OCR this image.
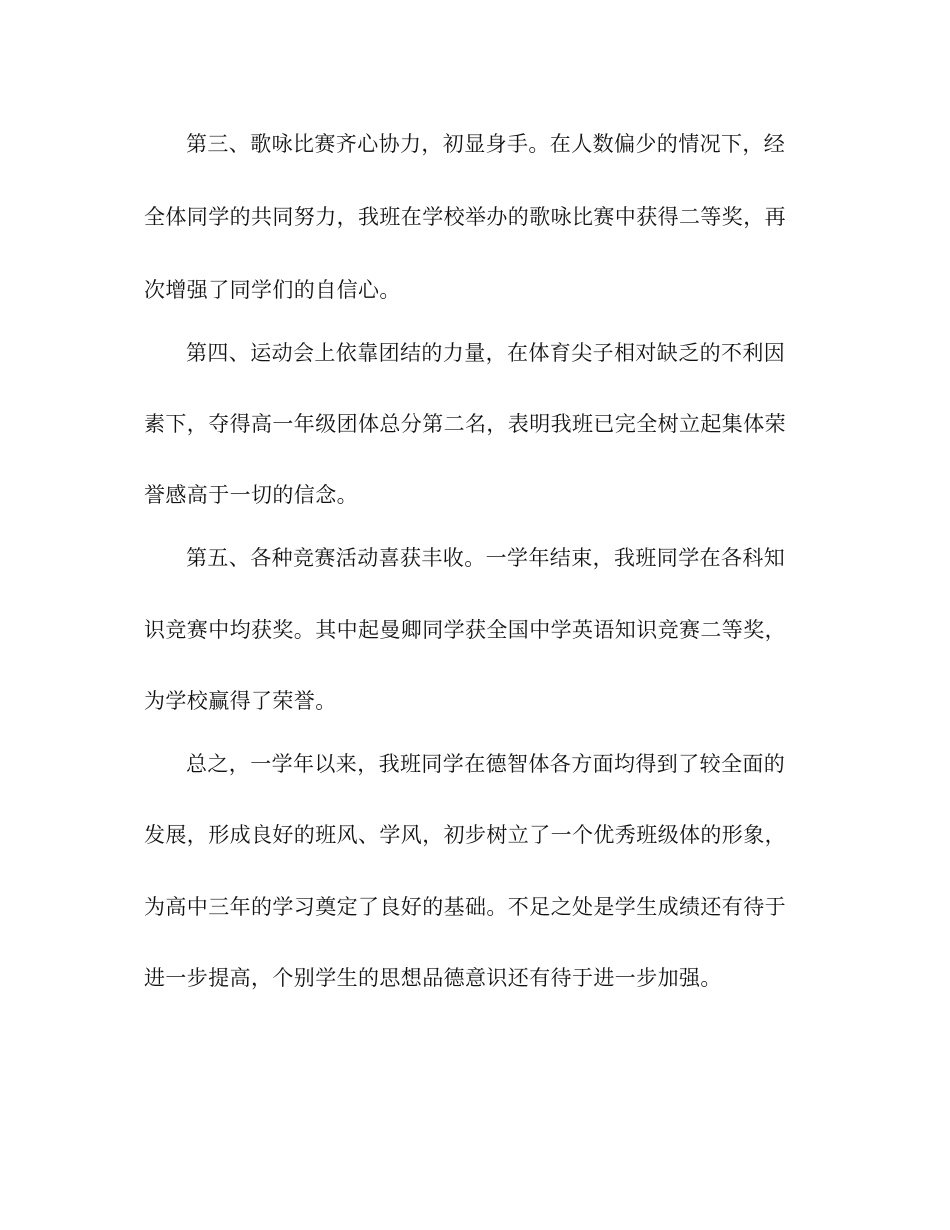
第三、歌咏比赛齐心协力，初显身手。在人数偏少的情况下，经
全体同学的共同努力，我班在学校举办的歌咏比赛中获得二等奖，再
次增强了同学们的自信心。
第四、运动会上依靠团结的力量，在体育尖子相对缺乏的不利因
素下，夺得高一年级团体总分第二名，表明我班已完全树立起集体荣
誉感高于一切的信念。
第五、各种竞赛活动喜获丰收。一学年结束，我班同学在各科知
识竞赛中均获奖。其中起曼卿同学获全国中学英语知识竞赛二等奖，
为学校赢得了荣誉。
总之，一学年以来，我班同学在德智体各方面均得到了较全面的
发展，形成良好的班风、学风，初步树立了一个优秀班级体的形象，
为高中三年的学习奠定了良好的基础。不足之处是学生成绩还有待于
进一步提高，个别学生的思想品德意识还有待于进一步加强。
